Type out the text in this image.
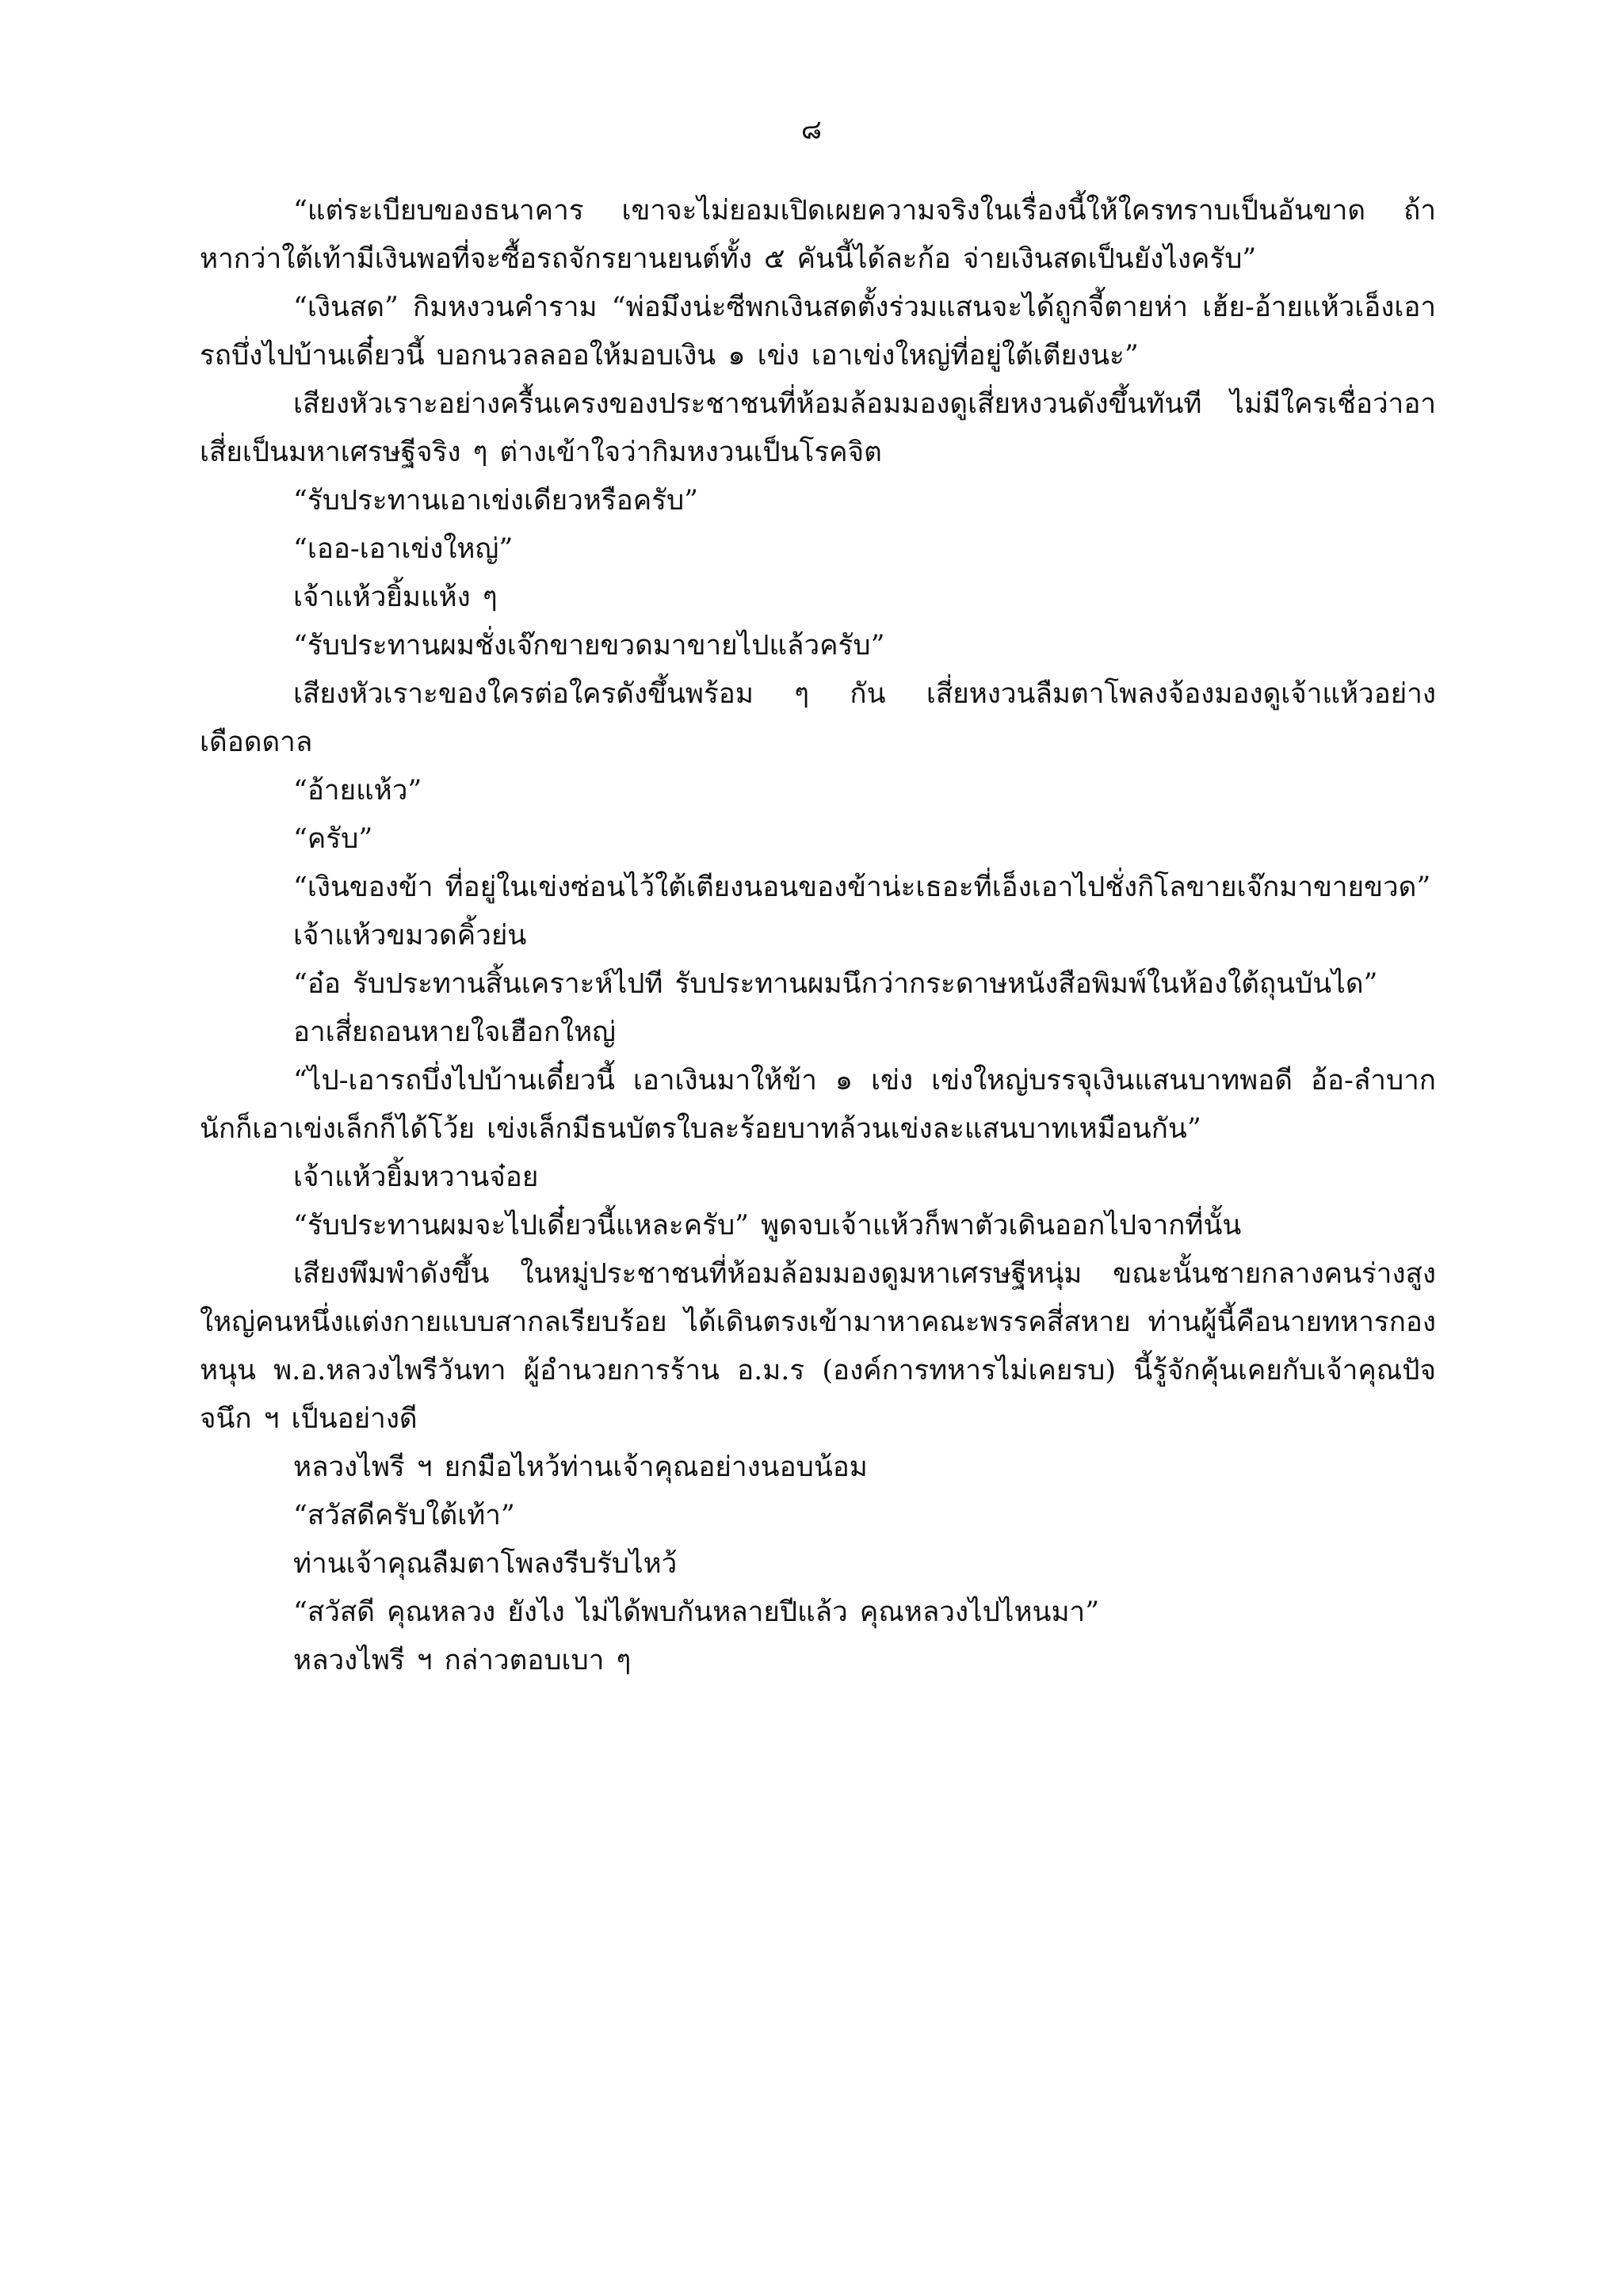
๘

“แต่ระเบียบของธนาคาร เขาจะไม่ยอมเปิดเผยความจริงในเรื่องนี้ให้ใครทราบเป็นอันขาด ถ้าหากว่าใต้เท้ามีเงินพอที่จะซื้อรถจักรยานยนต์ทั้ง ๕ คันนี้ได้ละก้อ จ่ายเงินสดเป็นยังไงครับ”

“เงินสด” กิมหงวนคำราม “พ่อมึงน่ะซีพกเงินสดตั้งร่วมแสนจะได้ถูกจี้ตายห่า เฮ้ย-อ้ายแห้วเอ็งเอารถบึ่งไปบ้านเดี๋ยวนี้ บอกนวลลออให้มอบเงิน ๑ เข่ง เอาเข่งใหญ่ที่อยู่ใต้เตียงนะ”

เสียงหัวเราะอย่างครื้นเครงของประชาชนที่ห้อมล้อมมองดูเสี่ยหงวนดังขึ้นทันที ไม่มีใครเชื่อว่าอาเสี่ยเป็นมหาเศรษฐีจริง ๆ ต่างเข้าใจว่ากิมหงวนเป็นโรคจิต

“รับประทานเอาเข่งเดียวหรือครับ”

“เออ-เอาเข่งใหญ่”

เจ้าแห้วยิ้มแห้ง ๆ

“รับประทานผมชั่งเจ๊กขายขวดมาขายไปแล้วครับ”

เสียงหัวเราะของใครต่อใครดังขึ้นพร้อม ๆ กัน เสี่ยหงวนลืมตาโพลงจ้องมองดูเจ้าแห้วอย่างเดือดดาล

“อ้ายแห้ว”

“ครับ”

“เงินของข้า ที่อยู่ในเข่งซ่อนไว้ใต้เตียงนอนของข้าน่ะเธอะที่เอ็งเอาไปชั่งกิโลขายเจ๊กมาขายขวด”

เจ้าแห้วขมวดคิ้วย่น

“อ๋อ รับประทานสิ้นเคราะห์ไปที รับประทานผมนึกว่ากระดาษหนังสือพิมพ์ในห้องใต้ถุนบันได”

อาเสี่ยถอนหายใจเฮือกใหญ่

“ไป-เอารถบึ่งไปบ้านเดี๋ยวนี้ เอาเงินมาให้ข้า ๑ เข่ง เข่งใหญ่บรรจุเงินแสนบาทพอดี อ้อ-ลำบากนักก็เอาเข่งเล็กก็ได้โว้ย เข่งเล็กมีธนบัตรใบละร้อยบาทล้วนเข่งละแสนบาทเหมือนกัน”

เจ้าแห้วยิ้มหวานจ๋อย

“รับประทานผมจะไปเดี๋ยวนี้แหละครับ” พูดจบเจ้าแห้วก็พาตัวเดินออกไปจากที่นั้น

เสียงพึมพำดังขึ้น ในหมู่ประชาชนที่ห้อมล้อมมองดูมหาเศรษฐีหนุ่ม ขณะนั้นชายกลางคนร่างสูงใหญ่คนหนึ่งแต่งกายแบบสากลเรียบร้อย ได้เดินตรงเข้ามาหาคณะพรรคสี่สหาย ท่านผู้นี้คือนายทหารกองหนุน พ.อ.หลวงไพรีวันทา ผู้อำนวยการร้าน อ.ม.ร (องค์การทหารไม่เคยรบ) นี้รู้จักคุ้นเคยกับเจ้าคุณปัจจนึก ฯ เป็นอย่างดี

หลวงไพรี ฯ ยกมือไหว้ท่านเจ้าคุณอย่างนอบน้อม

“สวัสดีครับใต้เท้า”

ท่านเจ้าคุณลืมตาโพลงรีบรับไหว้

“สวัสดี คุณหลวง ยังไง ไม่ได้พบกันหลายปีแล้ว คุณหลวงไปไหนมา”

หลวงไพรี ฯ กล่าวตอบเบา ๆ
